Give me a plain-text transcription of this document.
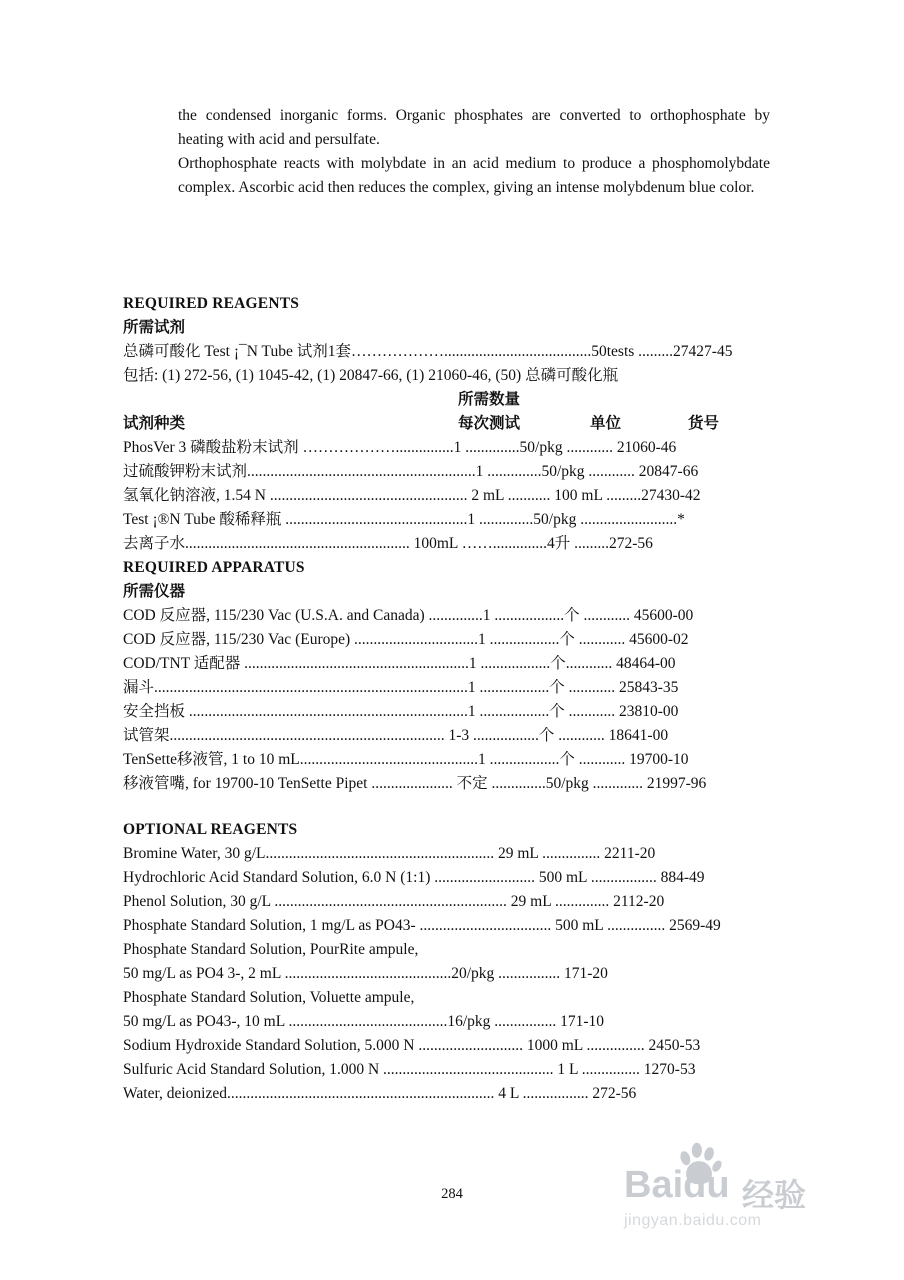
the condensed inorganic forms. Organic phosphates are converted to orthophosphate by heating with acid and persulfate.

Orthophosphate reacts with molybdate in an acid medium to produce a phosphomolybdate complex. Ascorbic acid then reduces the complex, giving an intense molybdenum blue color.

REQUIRED REAGENTS
所需试剂
总磷可酸化 Test ¡¯N Tube 试剂1套………………......................................50tests .........27427-45
包括: (1) 272-56, (1) 1045-42, (1) 20847-66, (1) 21060-46, (50) 总磷可酸化瓶
所需数量
试剂种类	每次测试	单位	货号
PhosVer 3 磷酸盐粉末试剂 ………………...............1 ..............50/pkg ............ 21060-46
过硫酸钾粉末试剂...........................................................1 ..............50/pkg ............ 20847-66
氢氧化钠溶液, 1.54 N ................................................... 2 mL ........... 100 mL .........27430-42
Test ¡®N Tube 酸稀释瓶 ...............................................1 ..............50/pkg .........................*
去离子水.......................................................... 100mL ……..............4升 .........272-56
REQUIRED APPARATUS
所需仪器
COD 反应器, 115/230 Vac (U.S.A. and Canada) ..............1 ..................个 ............ 45600-00
COD 反应器, 115/230 Vac (Europe) ................................1 ..................个 ............ 45600-02
COD/TNT 适配器 ..........................................................1 ..................个............ 48464-00
漏斗.................................................................................1 ..................个 ............ 25843-35
安全挡板 ........................................................................1 ..................个 ............ 23810-00
试管架....................................................................... 1-3 .................个 ............ 18641-00
TenSette移液管, 1 to 10 mL..............................................1 ..................个 ............ 19700-10
移液管嘴, for 19700-10 TenSette Pipet ..................... 不定 ..............50/pkg ............. 21997-96
OPTIONAL REAGENTS
Bromine Water, 30 g/L........................................................... 29 mL ............... 2211-20
Hydrochloric Acid Standard Solution, 6.0 N (1:1) .......................... 500 mL ................. 884-49
Phenol Solution, 30 g/L ............................................................ 29 mL .............. 2112-20
Phosphate Standard Solution, 1 mg/L as PO43- .................................. 500 mL ............... 2569-49
Phosphate Standard Solution, PourRite ampule,
50 mg/L as PO4 3-, 2 mL ...........................................20/pkg ................ 171-20
Phosphate Standard Solution, Voluette ampule,
50 mg/L as PO43-, 10 mL .........................................16/pkg ................ 171-10
Sodium Hydroxide Standard Solution, 5.000 N ........................... 1000 mL ............... 2450-53
Sulfuric Acid Standard Solution, 1.000 N ............................................ 1 L ............... 1270-53
Water, deionized..................................................................... 4 L ................. 272-56
284	Baidu 经验
jingyan.baidu.com
